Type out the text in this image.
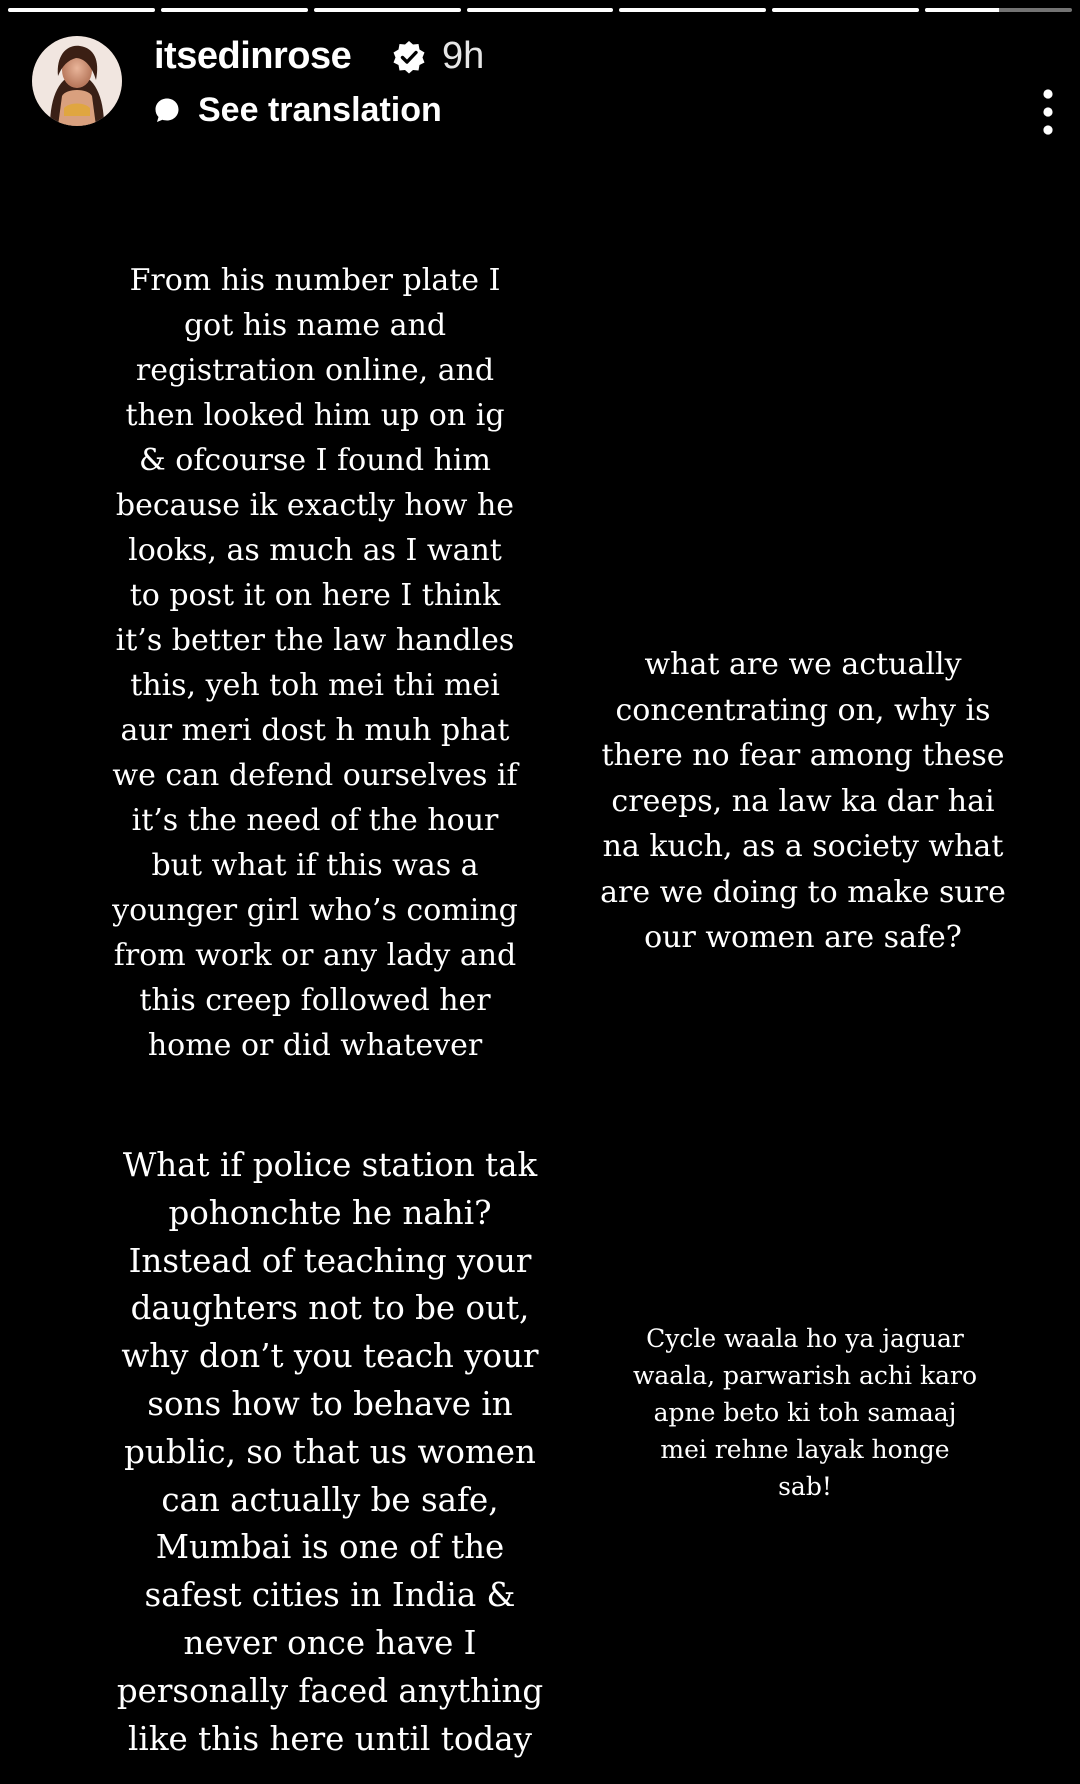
itsedinrose 9h
See translation

From his number plate I
got his name and
registration online, and
then looked him up on ig
& ofcourse I found him
because ik exactly how he
looks, as much as I want
to post it on here I think
it’s better the law handles
this, yeh toh mei thi mei
aur meri dost h muh phat
we can defend ourselves if
it’s the need of the hour
but what if this was a
younger girl who’s coming
from work or any lady and
this creep followed her
home or did whatever

what are we actually
concentrating on, why is
there no fear among these
creeps, na law ka dar hai
na kuch, as a society what
are we doing to make sure
our women are safe?

What if police station tak
pohonchte he nahi?
Instead of teaching your
daughters not to be out,
why don’t you teach your
sons how to behave in
public, so that us women
can actually be safe,
Mumbai is one of the
safest cities in India &
never once have I
personally faced anything
like this here until today

Cycle waala ho ya jaguar
waala, parwarish achi karo
apne beto ki toh samaaj
mei rehne layak honge
sab!
